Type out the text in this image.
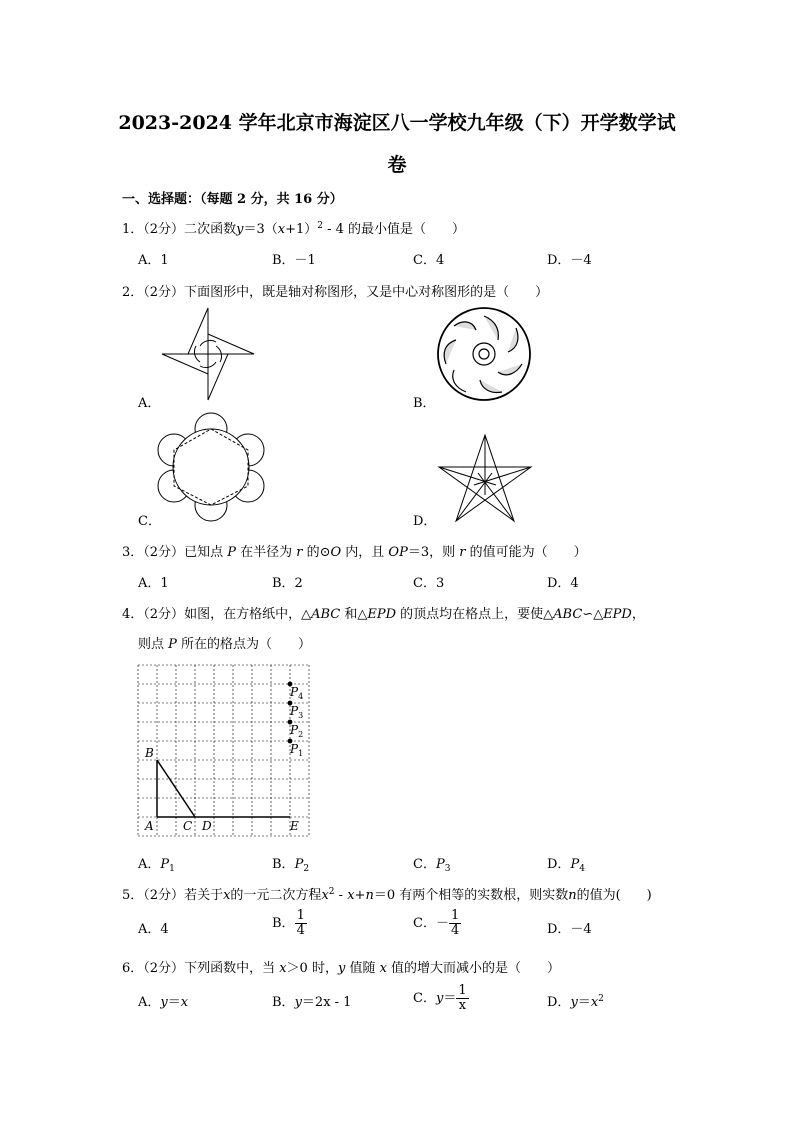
2023-2024 学年北京市海淀区八一学校九年级（下）开学数学试
卷
一、选择题：（每题 2 分，共 16 分）
1．（2分）二次函数$y=3(x+1)^2 - 4$ 的最小值是（　　）
A．1	B．－1	C．4	D．－4
2．（2分）下面图形中，既是轴对称图形，又是中心对称图形的是（　　）
A．	B．
C．	D．
3．（2分）已知点 P 在半径为 r 的⊙O 内，且 OP＝3，则 r 的值可能为（　　）
A．1	B．2	C．3	D．4
4．（2分）如图，在方格纸中，△ABC 和△EPD 的顶点均在格点上，要使△ABC∽△EPD，
则点 P 所在的格点为（　　）
$P_4$
$P_3$
$P_2$
$P_1$
B
A C D	E
A．$P_1$	B．$P_2$	C．$P_3$	D．$P_4$
5．（2分）若关于x的一元二次方程$x^2 - x+n=0$ 有两个相等的实数根，则实数n的值为(　　)
A．4	B． $\frac{1}{4}$	C．－ $\frac{1}{4}$	D．－4
6．（2分）下列函数中，当 x＞0 时，y 值随 x 值的增大而减小的是（　　）
A．y＝x	B．y＝2x - 1	C．$y= \frac{1}{x}$	D．$y=x^2$
